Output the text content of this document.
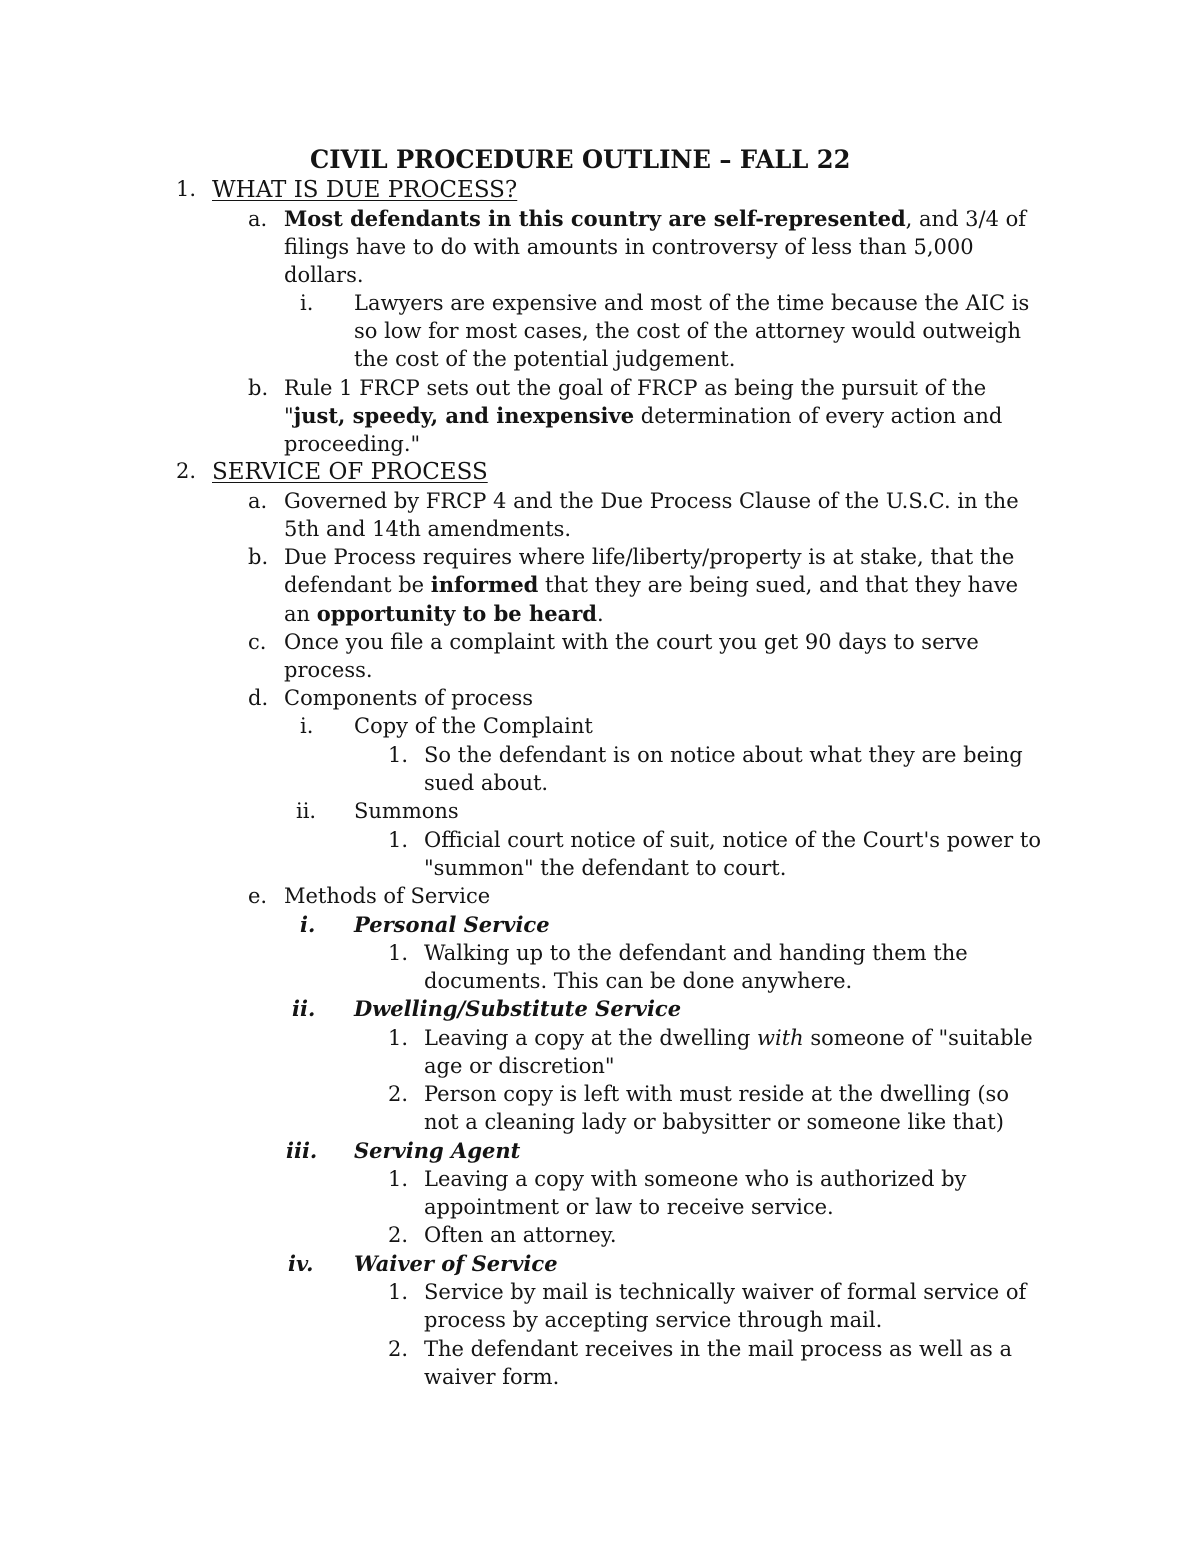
CIVIL PROCEDURE OUTLINE – FALL 22
1. WHAT IS DUE PROCESS?
a. Most defendants in this country are self-represented, and 3/4 of
filings have to do with amounts in controversy of less than 5,000
dollars.
i. Lawyers are expensive and most of the time because the AIC is
so low for most cases, the cost of the attorney would outweigh
the cost of the potential judgement.
b. Rule 1 FRCP sets out the goal of FRCP as being the pursuit of the
"just, speedy, and inexpensive determination of every action and
proceeding."
2. SERVICE OF PROCESS
a. Governed by FRCP 4 and the Due Process Clause of the U.S.C. in the
5th and 14th amendments.
b. Due Process requires where life/liberty/property is at stake, that the
defendant be informed that they are being sued, and that they have
an opportunity to be heard.
c. Once you file a complaint with the court you get 90 days to serve
process.
d. Components of process
i. Copy of the Complaint
1. So the defendant is on notice about what they are being
sued about.
ii. Summons
1. Official court notice of suit, notice of the Court's power to
"summon" the defendant to court.
e. Methods of Service
i. Personal Service
1. Walking up to the defendant and handing them the
documents. This can be done anywhere.
ii. Dwelling/Substitute Service
1. Leaving a copy at the dwelling with someone of "suitable
age or discretion"
2. Person copy is left with must reside at the dwelling (so
not a cleaning lady or babysitter or someone like that)
iii. Serving Agent
1. Leaving a copy with someone who is authorized by
appointment or law to receive service.
2. Often an attorney.
iv. Waiver of Service
1. Service by mail is technically waiver of formal service of
process by accepting service through mail.
2. The defendant receives in the mail process as well as a
waiver form.
